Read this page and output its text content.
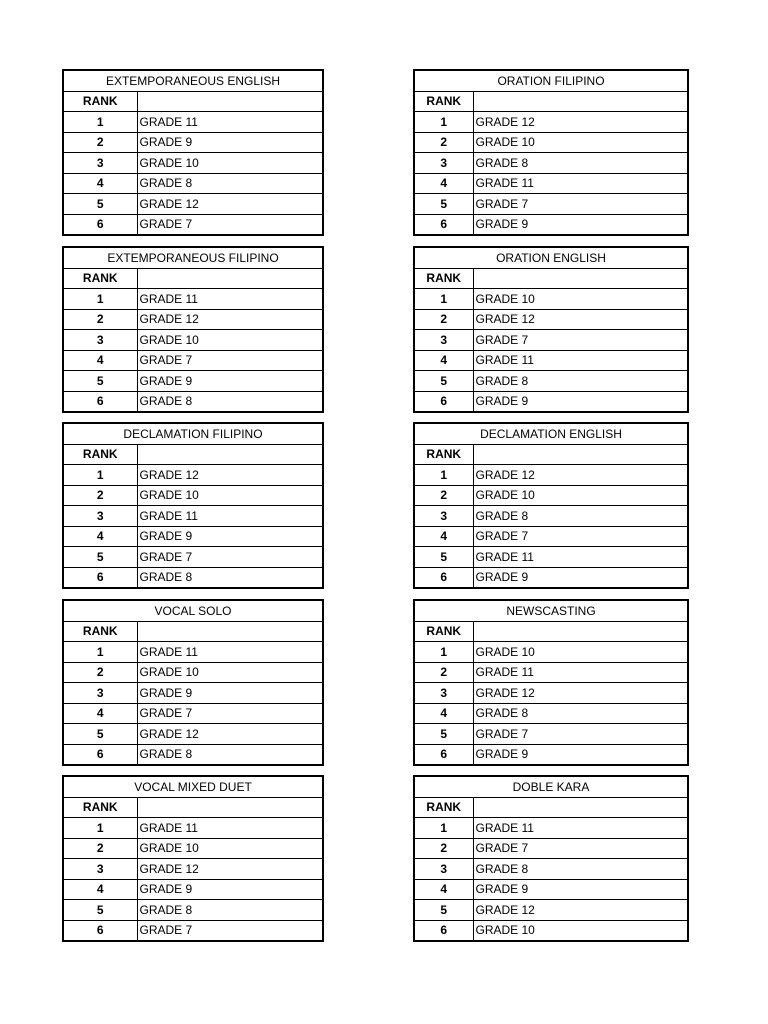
EXTEMPORANEOUS ENGLISH	
RANK	
1	GRADE 11
2	GRADE 9
3	GRADE 10
4	GRADE 8
5	GRADE 12
6	GRADE 7
ORATION FILIPINO	
RANK	
1	GRADE 12
2	GRADE 10
3	GRADE 8
4	GRADE 11
5	GRADE 7
6	GRADE 9
EXTEMPORANEOUS FILIPINO	
RANK	
1	GRADE 11
2	GRADE 12
3	GRADE 10
4	GRADE 7
5	GRADE 9
6	GRADE 8
ORATION ENGLISH	
RANK	
1	GRADE 10
2	GRADE 12
3	GRADE 7
4	GRADE 11
5	GRADE 8
6	GRADE 9
DECLAMATION FILIPINO	
RANK	
1	GRADE 12
2	GRADE 10
3	GRADE 11
4	GRADE 9
5	GRADE 7
6	GRADE 8
DECLAMATION ENGLISH	
RANK	
1	GRADE 12
2	GRADE 10
3	GRADE 8
4	GRADE 7
5	GRADE 11
6	GRADE 9
VOCAL SOLO	
RANK	
1	GRADE 11
2	GRADE 10
3	GRADE 9
4	GRADE 7
5	GRADE 12
6	GRADE 8
NEWSCASTING	
RANK	
1	GRADE 10
2	GRADE 11
3	GRADE 12
4	GRADE 8
5	GRADE 7
6	GRADE 9
VOCAL MIXED DUET	
RANK	
1	GRADE 11
2	GRADE 10
3	GRADE 12
4	GRADE 9
5	GRADE 8
6	GRADE 7
DOBLE KARA	
RANK	
1	GRADE 11
2	GRADE 7
3	GRADE 8
4	GRADE 9
5	GRADE 12
6	GRADE 10
